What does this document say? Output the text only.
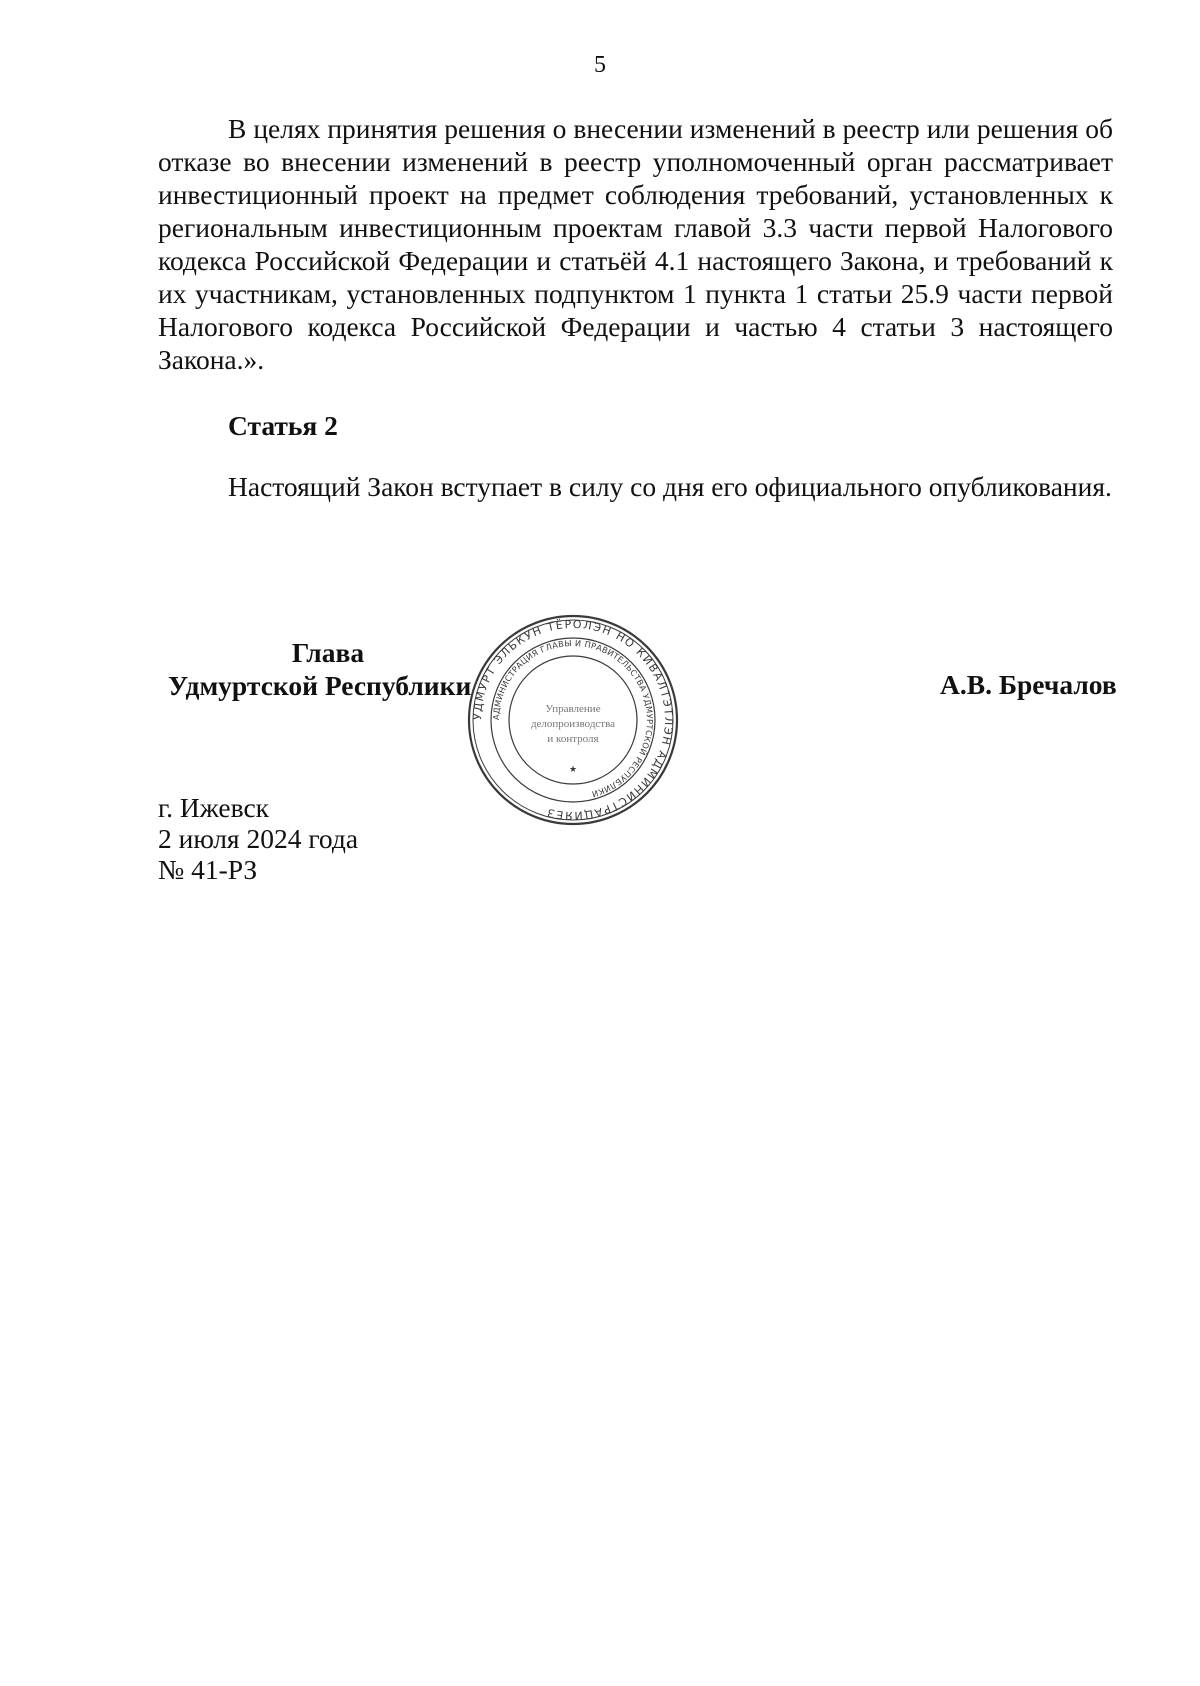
5

В целях принятия решения о внесении изменений в реестр или решения об отказе во внесении изменений в реестр уполномоченный орган рассматривает инвестиционный проект на предмет соблюдения требований, установленных к региональным инвестиционным проектам главой 3.3 части первой Налогового кодекса Российской Федерации и статьёй 4.1 настоящего Закона, и требований к их участникам, установленных подпунктом 1 пункта 1 статьи 25.9 части первой Налогового кодекса Российской Федерации и частью 4 статьи 3 настоящего Закона.».

Статья 2

Настоящий Закон вступает в силу со дня его официального опубликования.

Глава
Удмуртской Республики	А.В. Бречалов
УДМУРТ ЭЛЬКУН ТЁРОЛЭН НО КИВАЛТЭТЛЭН АДМИНИСТРАЦИЯЕЗ
АДМИНИСТРАЦИЯ ГЛАВЫ И ПРАВИТЕЛЬСТВА УДМУРТСКОЙ РЕСПУБЛИКИ
Управление
делопроизводства
и контроля
★
г. Ижевск
2 июля 2024 года
№ 41-РЗ
